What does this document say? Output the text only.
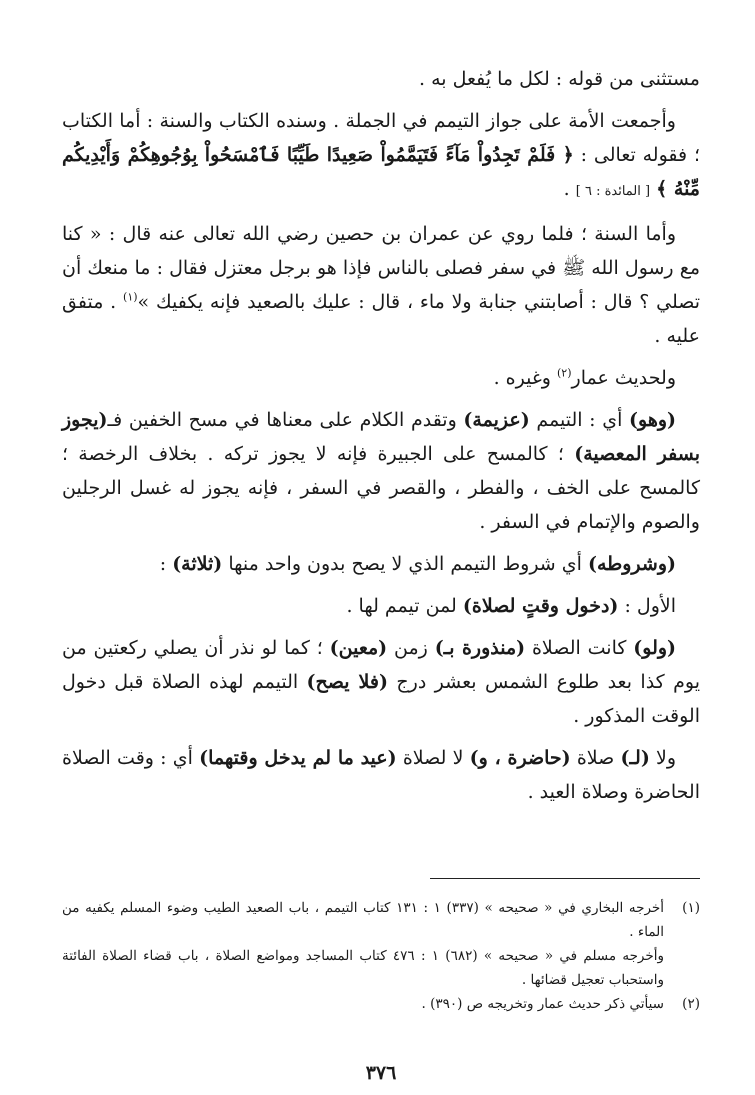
مستثنى من قوله : لكل ما يُفعل به .

وأجمعت الأمة على جواز التيمم في الجملة . وسنده الكتاب والسنة : أما الكتاب ؛ فقوله تعالى : ﴿ فَلَمْ تَجِدُواْ مَآءً فَتَيَمَّمُواْ صَعِيدًا طَيِّبًا فَٱمْسَحُواْ بِوُجُوهِكُمْ وَأَيْدِيكُم مِّنْهُ ﴾ [ المائدة : ٦ ] .

وأما السنة ؛ فلما روي عن عمران بن حصين رضي الله تعالى عنه قال : « كنا مع رسول الله ﷺ في سفر فصلى بالناس فإذا هو برجل معتزل فقال : ما منعك أن تصلي ؟ قال : أصابتني جنابة ولا ماء ، قال : عليك بالصعيد فإنه يكفيك »$^{(١)}$ . متفق عليه .

ولحديث عمار$^{(٢)}$ وغيره .

(وهو) أي : التيمم (عزيمة) وتقدم الكلام على معناها في مسح الخفين فـ(يجوز بسفر المعصية) ؛ كالمسح على الجبيرة فإنه لا يجوز تركه . بخلاف الرخصة ؛ كالمسح على الخف ، والفطر ، والقصر في السفر ، فإنه يجوز له غسل الرجلين والصوم والإتمام في السفر .

(وشروطه) أي شروط التيمم الذي لا يصح بدون واحد منها (ثلاثة) :

الأول : (دخول وقتٍ لصلاة) لمن تيمم لها .

(ولو) كانت الصلاة (منذورة بـ) زمن (معين) ؛ كما لو نذر أن يصلي ركعتين من يوم كذا بعد طلوع الشمس بعشر درج (فلا يصح) التيمم لهذه الصلاة قبل دخول الوقت المذكور .

ولا (لـ) صلاة (حاضرة ، و) لا لصلاة (عيد ما لم يدخل وقتهما) أي : وقت الصلاة الحاضرة وصلاة العيد .

(١)
أخرجه البخاري في « صحيحه » (٣٣٧) ١ : ١٣١ كتاب التيمم ، باب الصعيد الطيب وضوء المسلم يكفيه من الماء .
وأخرجه مسلم في « صحيحه » (٦٨٢) ١ : ٤٧٦ كتاب المساجد ومواضع الصلاة ، باب قضاء الصلاة الفائتة واستحباب تعجيل قضائها .
(٢)
سيأتي ذكر حديث عمار وتخريجه ص (٣٩٠) .
٣٧٦
